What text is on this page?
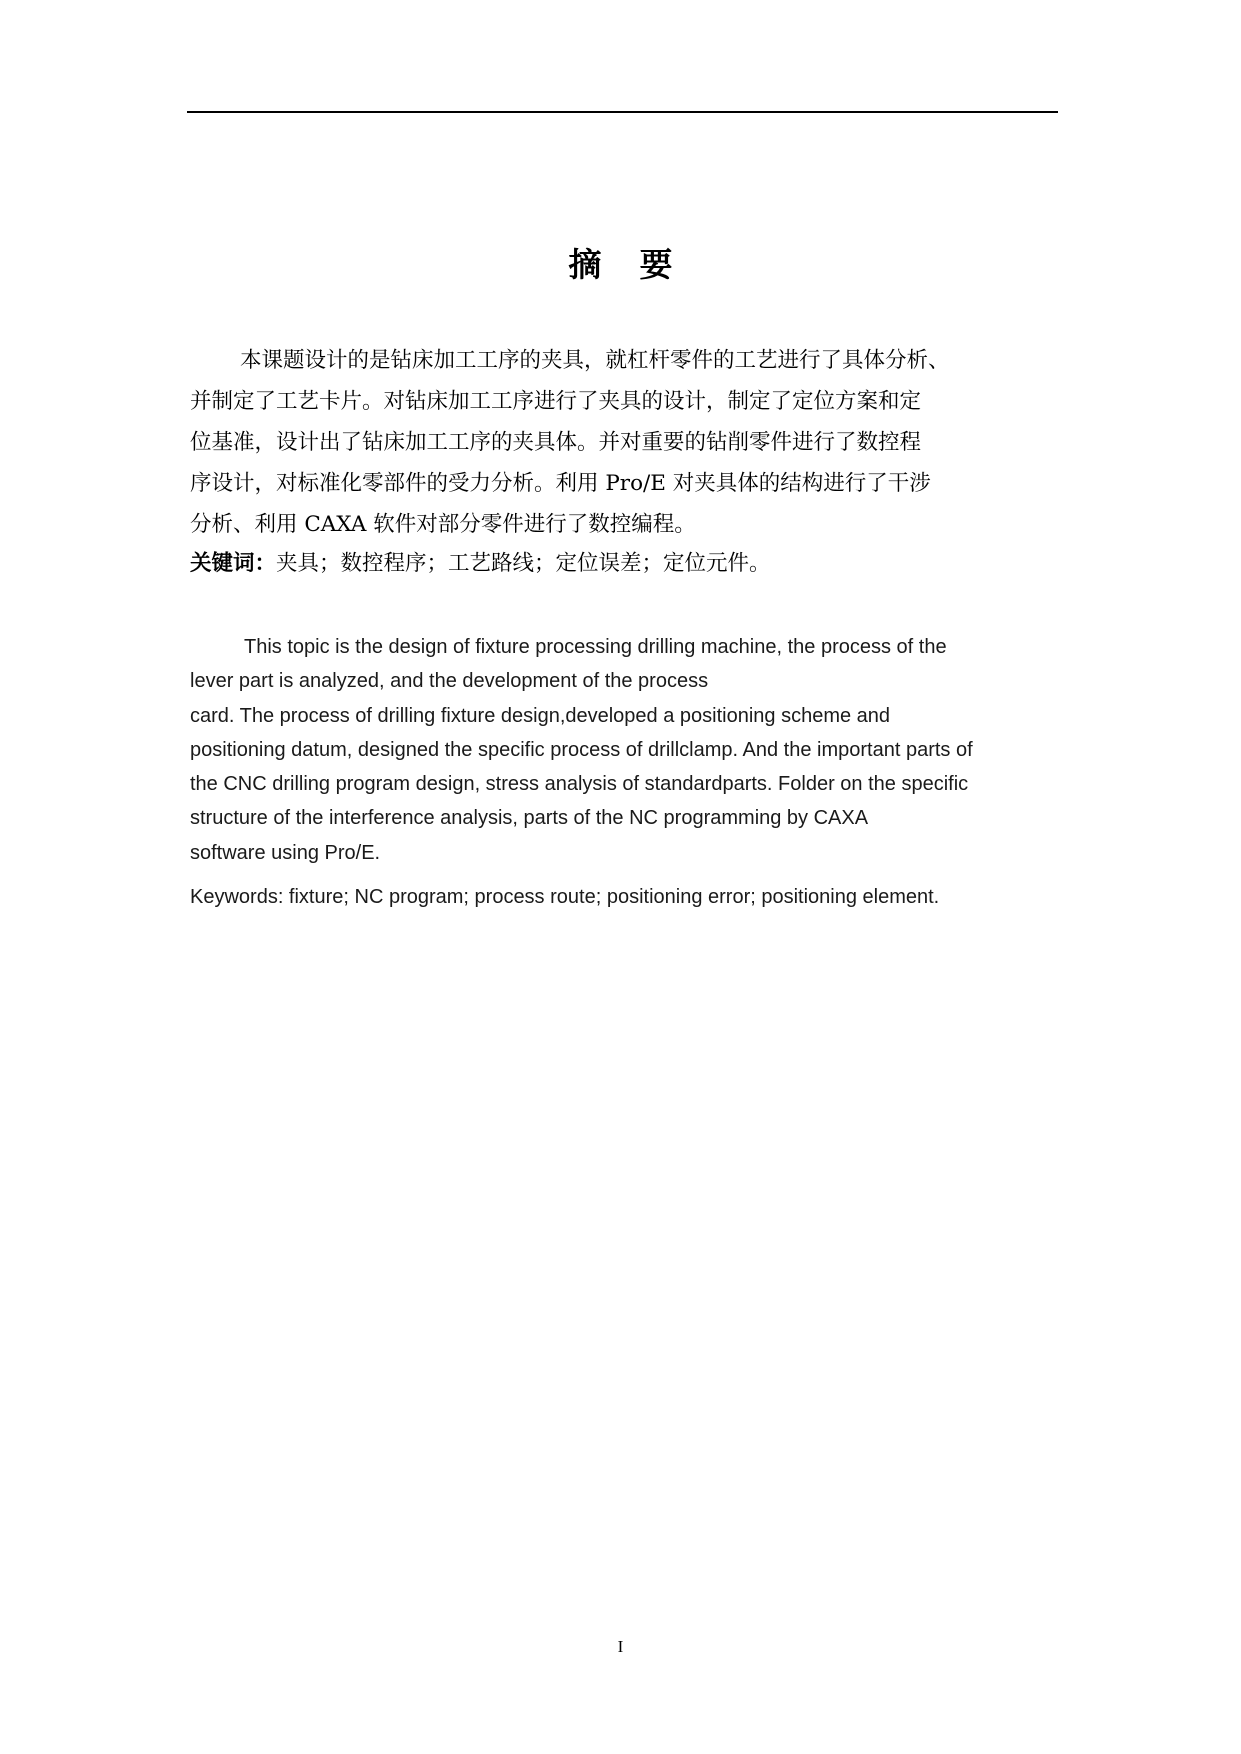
摘要
本课题设计的是钻床加工工序的夹具，就杠杆零件的工艺进行了具体分析、
并制定了工艺卡片。对钻床加工工序进行了夹具的设计，制定了定位方案和定
位基准，设计出了钻床加工工序的夹具体。并对重要的钻削零件进行了数控程
序设计，对标准化零部件的受力分析。利用 Pro/E 对夹具体的结构进行了干涉
分析、利用 CAXA 软件对部分零件进行了数控编程。
关键词：夹具；数控程序；工艺路线；定位误差；定位元件。
This topic is the design of fixture processing drilling machine, the process of the
lever part is analyzed, and the development of the process
card. The process of drilling fixture design,developed a positioning scheme and
positioning datum, designed the specific process of drillclamp. And the important parts of
the CNC drilling program design, stress analysis of standardparts. Folder on the specific
structure of the interference analysis, parts of the NC programming by CAXA
software using Pro/E.
Keywords: fixture; NC program; process route; positioning error; positioning element.
I
